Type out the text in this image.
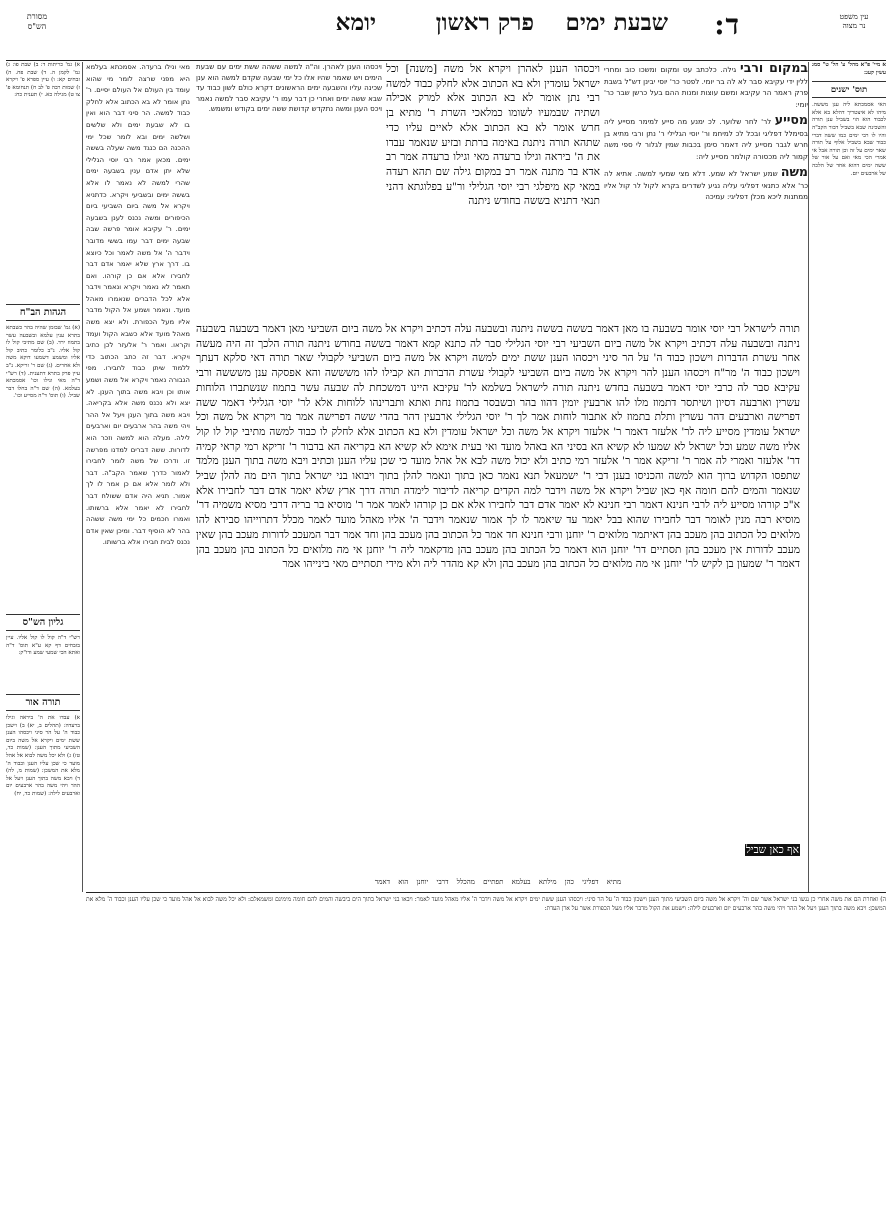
עין משפט
נר מצוה
ד:
שבעת ימים
פרק ראשון
יומא
מסורת
הש"ס

א מיי' פ"א מהל' ע' הל' ט" סמג עשין קעג:

תוס' ישנים

האי אסמכתא ליה ענן מששה. מיהו לא איצטריך דהלא בא אלא לכבוד הוא הוי בשביל ענן תורה והשכינה שבא בשביל דבור הקב"ה והיו לו רבי ימים כמו ששה דברי כבוד שבא בשביל אלוף על תורה שאר ימים על זה וכן תורה אבל אי אמרי הכי מאי ואם על אור של ששה ימים דהוא אחד של הלכה של ארבעים יום.

במקום ורבי גילה. כלכתב עט ומקום ומשכו כוב ומחרי ללין ידי עקיבא סבר לא לה בר יומי. לפטר כר' יוסי יבינן דש"ל בשבת פרק ראמר הר עקיבא ומשם עוצות ומנות ההם בעל כרשן שבר כר' יומי:

מסייע לר' לחר שלוער. לכ ימנע מה סייע למימר מסייע ליה בסימלל דפליגי ובכל לכ למיחמ ור' יוסי הגלילי ר' נתן ורבי מתיא בן חרש לגבר מסייע ליה דאמר סימן בכבות שמין לגלור לי ספי משה קמור ליה מכסורה קולמר מסייע ליה:

משה שמע ישראל לא שמע. דלא מצי שמעי למשה. אתיא לה כר' אלא כתנאי דפליגי עליה נגיע לשדרים בקרא לקול לר קול אליו ממתנות ליכא מכלן דפליגי: עמיכה

ויכסהו הענן לאהרן ויקרא אל משה [משנה] וכל ישראל עומדין ולא בא הכתוב אלא לחלק כבוד למשה רבי נתן אומר לא בא הכתוב אלא למרק אכילה ושתיה שבמעיו לשומו כמלאכי השרת ר' מתיא בן חרש אומר לא בא הכתוב אלא לאיים עליו כדי שתהא תורה ניתנת באימה ברתת ובזיע שנאמר עבדו את ה' ביראה וגילו ברעדה מאי וגילו ברעדה אמר רב אדא בר מתנה אמר רב במקום גילה שם תהא רעדה במאי קא מיפלגי רבי יוסי הגלילי ור"ע בפלוגתא דהני תנאי דתניא בששה בחודש ניתנה

תורה לישראל רבי יוסי אומר בשבעה בו מאן דאמר בששה בששה ניתנה ובשבעה עלה דכתיב ויקרא אל משה ביום השביעי מאן דאמר בשבעה בשבעה ניתנה ובשבעה עלה דכתיב ויקרא אל משה ביום השביעי רבי יוסי הגלילי סבר לה כתנא קמא דאמר בששה בחודש ניתנה תורה הלכך זה היה מעשה אחר עשרת הדברות וישכון כבוד ה' על הר סיני ויכסהו הענן ששת ימים למשה ויקרא אל משה ביום השביעי לקבולי שאר תורה דאי סלקא דעתך וישכון כבוד ה' מר"ח ויכסהו הענן להר ויקרא אל משה ביום השביעי לקבולי עשרת הדברות הא קבילו להו משששה והא אפסקה ענן משששה ורבי עקיבא סבר לה כרבי יוסי דאמר בשבעה בחדש ניתנה תורה לישראל בשלמא לר' עקיבא היינו דמשכחת לה שבעה עשר בתמוז שנשתברו הלוחות עשרין וארבעה דסיון ושיתסר דתמוז מלו להו ארבעין יומין דהוו בהר ובשבסר בתמוז נחת ואתא ותברינהו ללוחות אלא לר' יוסי הגלילי דאמר ששה דפרישה וארבעים דהר עשרין ותלת בתמוז לא אתבור לוחות אמר לך ר' יוסי הגלילי ארבעין דהר בהדי ששה דפרישה אמר מר ויקרא אל משה וכל ישראל עומדין מסייע ליה לר' אלעזר דאמר ר' אלעזר ויקרא אל משה וכל ישראל עומדין ולא בא הכתוב אלא לחלק לו כבוד למשה מתיבי קול לו קול אליו משה שמע וכל ישראל לא שמעו לא קשיא הא בסיני הא באהל מועד ואי בעית אימא לא קשיא הא בקריאה הא בדבור ר' זריקא רמי קראי קמיה דר' אלעזר ואמרי לה אמר ר' זריקא אמר ר' אלעזר רמי כתיב ולא יכול משה לבא אל אהל מועד כי שכן עליו הענן וכתיב ויבא משה בתוך הענן מלמד שתפסו הקדוש ברוך הוא למשה והכניסו בענן דבי ר' ישמעאל תנא נאמר כאן בתוך ונאמר להלן בתוך ויבואו בני ישראל בתוך הים מה להלן שביל שנאמר והמים להם חומה אף כאן שביל ויקרא אל משה וידבר למה הקדים קריאה לדיבור לימדה תורה דרך ארץ שלא יאמר אדם דבר לחבירו אלא א"כ קורהו מסייע ליה לרבי חנינא דאמר רבי חנינא לא יאמר אדם דבר לחבירו אלא אם כן קורהו לאמר אמר ר' מוסיא בר בריה דרבי מסיא משמיה דר' מוסיא רבה מנין לאומר דבר לחבירו שהוא בבל יאמר עד שיאמר לו לך אמור שנאמר וידבר ה' אליו מאהל מועד לאמר מכלל דתרוייהו סבירא להו מלואים כל הכתוב בהן מעכב בהן דאיתמר מלואים ר' יוחנן ורבי חנינא חד אמר כל הכתוב בהן מעכב בהן וחד אמר דבר המעכב לדורות מעכב בהן שאין מעכב לדורות אין מעכב בהן תסתיים דר' יוחנן הוא דאמר כל הכתוב בהן מעכב בהן מדקאמר ליה ר' יוחנן אי מה מלואים כל הכתוב בהן מעכב בהן דאמר ר' שמעון בן לקיש לר' יוחנן אי מה מלואים כל הכתוב בהן מעכב בהן ולא קא מהדר ליה ולא מידי תסתיים מאי בינייהו אמר

אף כאן שביל

ויכסהו הענן לאהרן. וה"ה למשה ששהה ששת ימים עם שבעת הימים ויש שאמר שהיו אלו כל ימי שבעה שקדם למשה הוא ענן שכינה עליו והשבעה ימים הראשונים דקרא כולם לשון כבוד עד שבא ששה ימים ואחרי כן דבר עמו ר' עקיבא סבר למשה נאמר ויכס הענן ומשה נתקדש קדושת ששה ימים בקודש ומשמש.

א) גמ' כריתות ד: ב) שבת פו: ג) גמ' לקמן ה. ד) שבת פח. ה) זבחים קא: ו) עיין ספרא פ' ויקרא ז) שמות רבה פ' לב ח) תנחומא פ' צו ט) מגילה כא. י) תענית כח:

הגהות הב"ח

(א) גמ' שבזמן שהיה בהר כשבתא בתרא ענין עלמא ובשבעה עשר בתמוז ירד. (ב) שם מתיבי קול לו קול אליו. נ"ב כלומר כתיב קול אליו ומשמע דשמעו דוקא משה ולא אחרים. (ג) שם ר' זריקא. נ"ב עיין פרק בתרא דתענית. (ד) רש"י ד"ה מאי ונילו וכו' אסמכתא בעלמא. (ה) שם ד"ה בחלו דבר שביל. (ו) תוס' ד"ה מסייע וכו'.

גליון הש"ס

רש"י ד"ה קול לו קול אליו. עיין בזבחים דף קא ע"א תוס' ד"ה ואתא הכי שמעי שמע ודו"ק:

תורה אור

א) עבדו את ה' ביראה וגילו ברעדה: (תהלים ב, יא) ב) וישכן כבוד ה' על הר סיני ויכסהו הענן ששת ימים ויקרא אל משה ביום השביעי מתוך הענן: (שמות כד, טז) ג) ולא יכל משה לבוא אל אהל מועד כי שכן עליו הענן וכבוד ה' מלא את המשכן: (שמות מ, לה) ד) ויבא משה בתוך הענן ויעל אל ההר ויהי משה בהר ארבעים יום וארבעים לילה: (שמות כד, יח)

מאי ונילו ברעדה. אסמכתא בעלמא היא מפני שרצה לומר מי שהוא עומד בין העולם אל העולם יסיים. ר' נתן אומר לא בא הכתוב אלא לחלק כבוד למשה. הר סיני דבר הוא ואין בו לא שבעת ימים ולא שלשים ושלשה ימים ובא לומר שכל ימי ההכנה הם כנגד משה שעלה בששה ימים. מכאן אמר רבי יוסי הגלילי שלא יתן אדם ענין בשבעה ימים שהרי למשה לא נאמר לו אלא בששה ימים ובשביעי ויקרא. כדתניא ויקרא אל משה ביום השביעי ביום הכיפורים ומשה נכנס לענן בשבעה ימים. ר' עקיבא אומר פרשה שבה שבעה ימים דבר עמו בששי מדובר וידבר ה' אל משה לאמר וכל כיוצא בו. דרך ארץ שלא יאמר אדם דבר לחבירו אלא אם כן קורהו. ואם תאמר לא נאמר ויקרא ונאמר וידבר אלא לכל הדברים שנאמרו מאהל מועד. ונאמר ושמע אל הקול מדבר אליו מעל הכפורת. ולא יצא משה מאהל מועד אלא כשבא הקול ועמד וקראו. ואמר ר' אלעזר לכן כתיב ויקרא. דבר זה כתב הכתוב כדי ללמוד שיתן כבוד לחבירו. מפי הגבורה נאמר ויקרא אל משה ושמע אותו וכן ויבא משה בתוך הענן. לא יצא ולא נכנס משה אלא בקריאה. ויבא משה בתוך הענן ויעל אל ההר ויהי משה בהר ארבעים יום וארבעים לילה. מעלה הוא למשה וזכר הוא לדורות. ששה דברים למדנו מפרשה זו. ודרכו של משה לומר לחבירו לאמור כדרך שאמר הקב"ה. דבר ולא לומר אלא אם כן אמר לו לך אמור. תניא היה אדם ששולח דבר לחבירו לא יאמר אלא ברשותו. ואמרו חכמים כל ימי משה ששהה בהר לא הוסיף דבר. ומיכן שאין אדם נכנס לבית חבירו אלא ברשותו.

מתיא דפליגי כהן מילתא בעלמא תפתיים מהכלל דרבי יוחנן הוא דאמר
ה) ואחרת הם את משה אחרי כן נגשו בני ישראל אשר שם וה' ויקרא אל משה ביום השביעי מתוך הענן וישכון כבוד ה' על הר סיני: ויכסהו הענן ששת ימים ויקרא אל משה וידבר ה' אליו מאהל מועד לאמר: ויבאו בני ישראל בתוך הים ביבשה והמים להם חומה מימינם ומשמאלם: ולא יכל משה לבוא אל אהל מועד כי שכן עליו הענן וכבוד ה' מלא את המשכן: ויבא משה בתוך הענן ויעל אל ההר ויהי משה בהר ארבעים יום וארבעים לילה: וישמע את הקול מדבר אליו מעל הכפורת אשר על ארן העדת:
